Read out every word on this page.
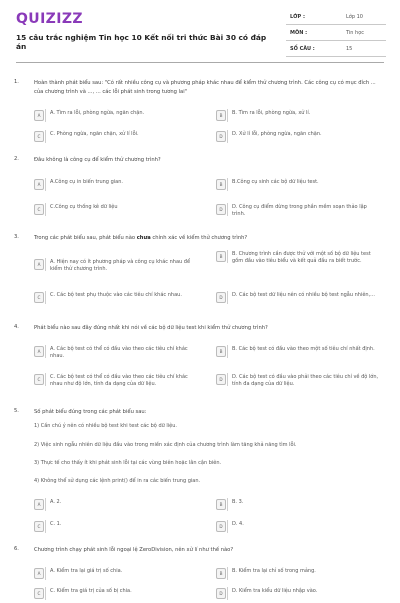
QUIZIZZ
15 câu trắc nghiệm Tin học 10 Kết nối tri thức Bài 30 có đáp án
LỚP :	Lớp 10
MÔN :	Tin học
SỐ CÂU :	15
1.	Hoàn thành phát biểu sau: "Có rất nhiều công cụ và phương pháp khác nhau để kiểm thử chương trình. Các công cụ có mục đích ... của chương trình và ..., ... các lỗi phát sinh trong tương lai"
A	A. Tìm ra lỗi, phòng ngừa, ngăn chặn.	B	B. Tìm ra lỗi, phòng ngừa, xử lí.
C	C. Phòng ngừa, ngăn chặn, xử lí lỗi.	D	D. Xử lí lỗi, phòng ngừa, ngăn chặn.
2.	Đâu không là công cụ để kiểm thử chương trình?
A	A.Công cụ in biến trung gian.	B	B.Công cụ sinh các bộ dữ liệu test.
C	C.Công cụ thống kê dữ liệu	D	D. Công cụ điểm dừng trong phần mềm soạn thảo lập trình.
3.	Trong các phát biểu sau, phát biểu nào chưa chính xác về kiểm thử chương trình?
A	A. Hiện nay có ít phương pháp và công cụ khác nhau để kiểm thử chương trình.
B	B. Chương trình cần được thử với một số bộ dữ liệu test gồm đầu vào tiêu biểu và kết quả đầu ra biết trước.
C	C. Các bộ test phụ thuộc vào các tiêu chí khác nhau.	D	D. Các bộ test dữ liệu nên có nhiều bộ test ngẫu nhiên,...
4.	Phát biểu nào sau đây đúng nhất khi nói về các bộ dữ liệu test khi kiểm thử chương trình?
A	A. Các bộ test có thể có đầu vào theo các tiêu chí khác nhau.
B	B. Các bộ test có đầu vào theo một số tiêu chí nhất định.
C	C. Các bộ test có thể có đầu vào theo các tiêu chí khác nhau như độ lớn, tính đa dạng của dữ liệu.
D	D. Các bộ test có đầu vào phải theo các tiêu chí về độ lớn, tính đa dạng của dữ liệu.
5.	Số phát biểu đúng trong các phát biểu sau:
1) Cần chú ý nên có nhiều bộ test khi test các bộ dữ liệu.
2) Việc sinh ngẫu nhiên dữ liệu đầu vào trong miền xác định của chương trình làm tăng khả năng tìm lỗi.
3) Thực tế cho thấy ít khi phát sinh lỗi tại các vùng biên hoặc lân cận biên.
4) Không thể sử dụng các lệnh print() để in ra các biến trung gian.
A	A. 2.	B	B. 3.
C	C. 1.	D	D. 4.
6.	Chương trình chạy phát sinh lỗi ngoại lệ ZeroDivision, nên xử lí như thế nào?
A	A. Kiểm tra lại giá trị số chia.	B	B. Kiểm tra lại chỉ số trong mảng.
C	C. Kiểm tra giá trị của số bị chia.	D	D. Kiểm tra kiểu dữ liệu nhập vào.
